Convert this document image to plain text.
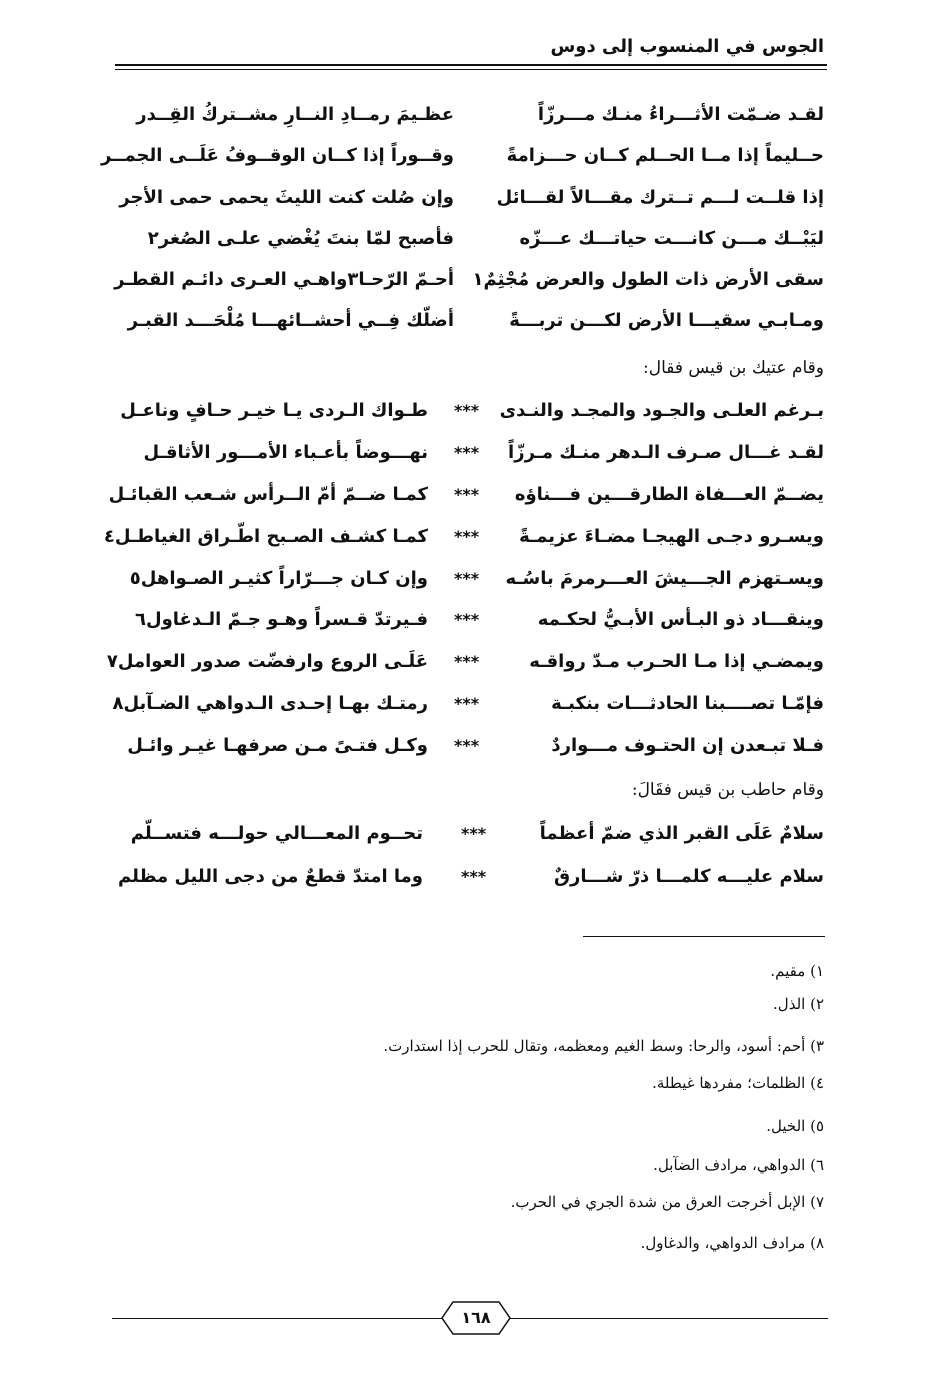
الجوس في المنسوب إلى دوس
لقـد ضـمّت الأثـــراءُ منـك مـــرزّاً
عظـيمَ رمــادِ النــارِ مشــتركُ القِــدر
حــليماً إذا مــا الحــلم كــان حـــزامةً
وقــوراً إذا كــان الوقــوفُ عَلَــى الجمــر
إذا قلــت لـــم تــترك مقـــالاً لقـــائل
وإن صُلت كنت الليثَ يحمى حمى الأجر
ليَبْــك مـــن كانـــت حياتـــك عـــزّه
فأصبح لمّا بنتَ يُغْضي علـى الصُغر٢
سقى الأرض ذات الطول والعرض مُجْثِمٌ١
أحـمّ الرّحـا٣واهـي العـرى دائـم القطـر
ومـابـي سقيـــا الأرض لكـــن تربـــةً
أضلّك فِــي أحشــائهـــا مُلْحَـــد القبـر
وقام عتيك بن قيس فقال:
بـرغم العلـى والجـود والمجـد والنـدى
***
طـواك الـردى يـا خيـر حـافٍ وناعـل
لقـد غـــال صـرف الـدهر منـك مـرزّاً
***
نهـــوضاً بأعـباء الأمـــور الأثاقـل
يضــمّ العـــفاة الطارقـــين فـــناؤه
***
كمـا ضــمّ أمّ الــرأس شـعب القبائـل
ويسـرو دجـى الهيجـا مضـاءَ عزيمـةً
***
كمـا كشـف الصـبح اطّـراق الغياطـل٤
ويسـتهزم الجـــيشَ العـــرمرمَ باسُـه
***
وإن كـان جـــرّاراً كثيـر الصـواهل٥
وينقـــاد ذو البـأس الأبـيُّ لحكـمه
***
فـيرتدّ قـسراً وهـو جـمّ الـدغاول٦
ويمضـي إذا مـا الحـرب مـدّ رواقـه
***
عَلَـى الروع وارفضّت صدور العوامل٧
فإمّـا تصــــبنا الحادثـــات بنكبـة
***
رمتـك بهـا إحـدى الـدواهي الضـآبل٨
فـلا تبـعدن إن الحتـوف مـــواردٌ
***
وكـل فتـىً مـن صرفهـا غيـر وائـل
وقام حاطب بن قيس فقَالَ:
سلامٌ عَلَى القبر الذي ضمّ أعظماً
***
تحــوم المعـــالي حولـــه فتســلّم
سلام عليـــه كلمـــا ذرّ شـــارقٌ
***
وما امتدّ قطعٌ من دجى الليل مظلم
١) مقيم.
٢) الذل.
٣) أحم: أسود، والرحا: وسط الغيم ومعظمه، وتقال للحرب إذا استدارت.
٤) الظلمات؛ مفردها غيطلة.
٥) الخيل.
٦) الدواهي، مرادف الضآبل.
٧) الإبل أخرجت العرق من شدة الجري في الحرب.
٨) مرادف الدواهي، والدغاول.
١٦٨
